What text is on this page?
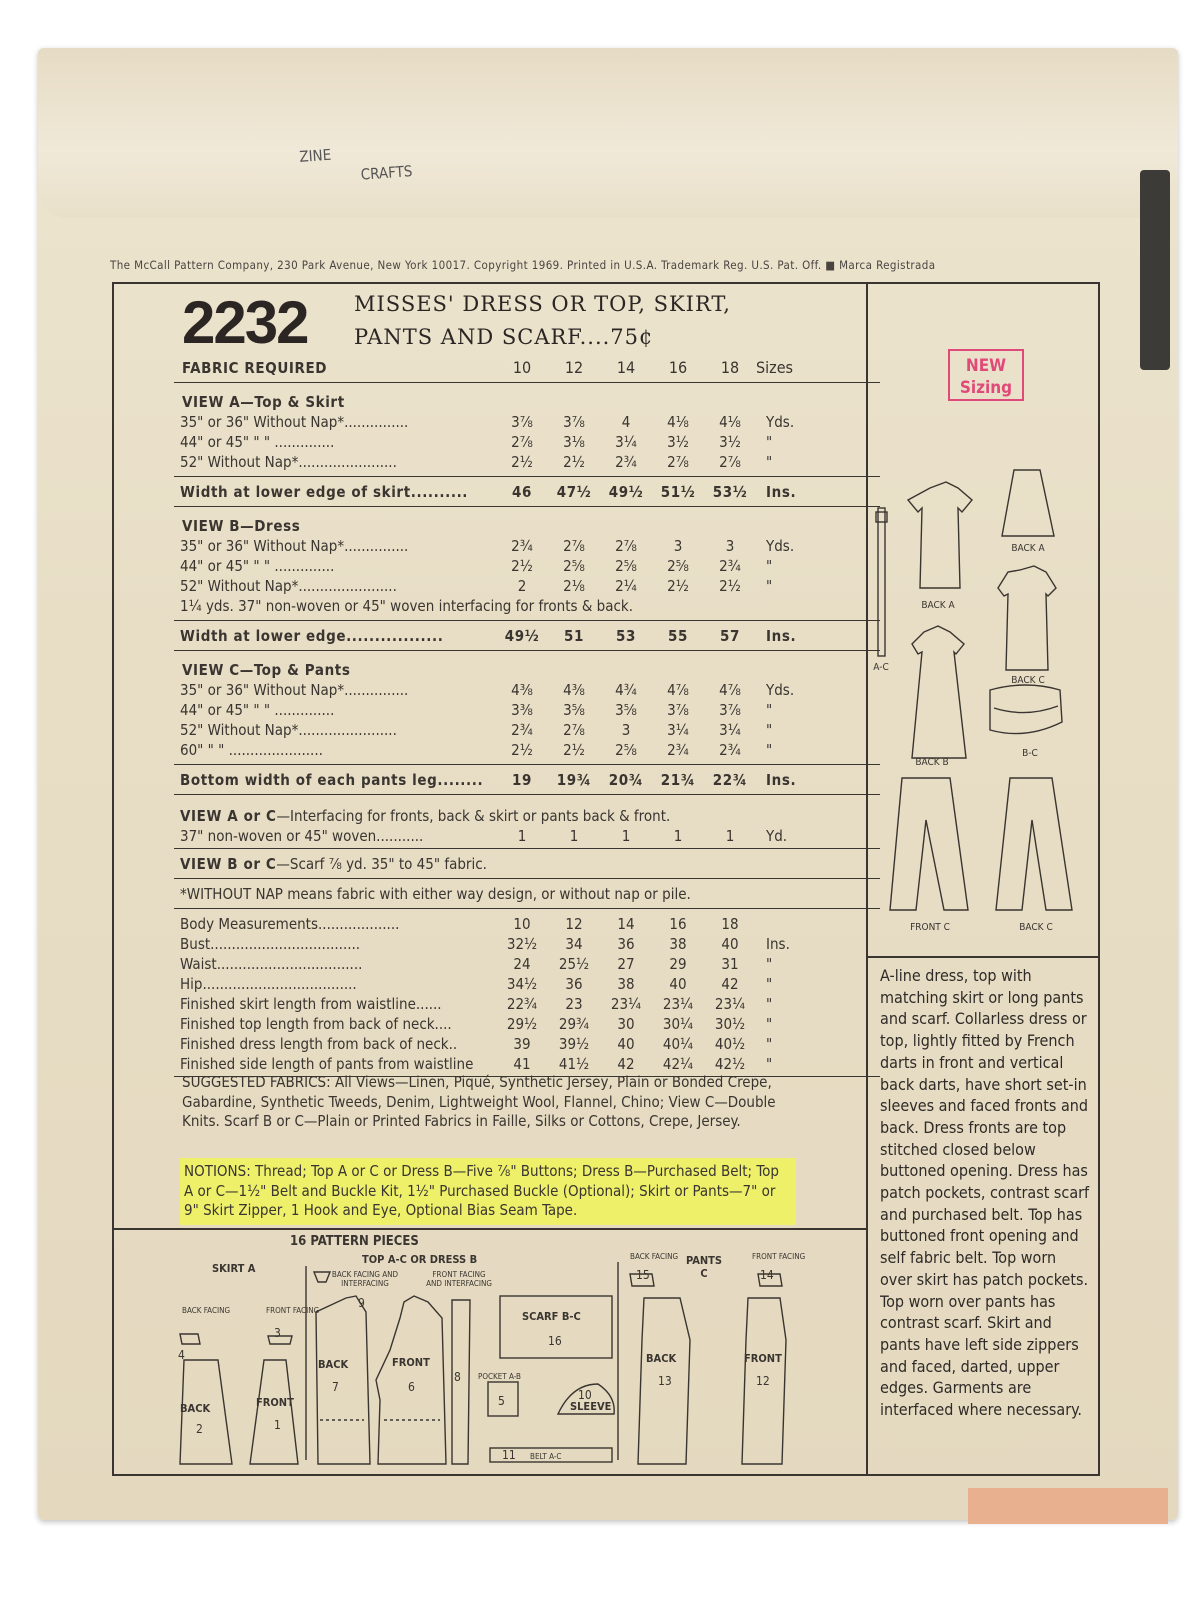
ZINE
CRAFTS
The McCall Pattern Company, 230 Park Avenue, New York 10017. Copyright 1969. Printed in U.S.A. Trademark Reg. U.S. Pat. Off. ■ Marca Registrada
2232 MISSES' DRESS OR TOP, SKIRT,
PANTS AND SCARF....75¢
FABRIC REQUIRED	10	12	14	16	18	Sizes
VIEW A—Top & Skirt
35" or 36" Without Nap*...............	3⅞	3⅞	4	4⅛	4⅛	Yds.
44" or 45" " " ..............	2⅞	3⅛	3¼	3½	3½	"
52" Without Nap*.......................	2½	2½	2¾	2⅞	2⅞	"
Width at lower edge of skirt..........	46	47½ 49½ 51½ 53½ Ins.
VIEW B—Dress
35" or 36" Without Nap*...............	2¾	2⅞	2⅞	3	3	Yds.
44" or 45" " " ..............	2½	2⅝	2⅝	2⅝	2¾	"
52" Without Nap*.......................	2	2⅛	2¼	2½	2½	"
1¼ yds. 37" non-woven or 45" woven interfacing for fronts & back.
Width at lower edge.................	49½	51	53	55	57	Ins.
VIEW C—Top & Pants
35" or 36" Without Nap*...............	4⅜	4⅜	4¾	4⅞	4⅞	Yds.
44" or 45" " " ..............	3⅜	3⅝	3⅝	3⅞	3⅞	"
52" Without Nap*.......................	2¾	2⅞	3	3¼	3¼	"
60" " " ......................	2½	2½	2⅝	2¾	2¾	"
Bottom width of each pants leg........	19	19¾ 20¾ 21¾ 22¾ Ins.
VIEW A or C—Interfacing for fronts, back & skirt or pants back & front.
37" non-woven or 45" woven...........	1	1	1	1	1	Yd.
VIEW B or C—Scarf ⅞ yd. 35" to 45" fabric.
*WITHOUT NAP means fabric with either way design, or without nap or pile.
Body Measurements...................	10	12	14	16	18
Bust...................................	32½	34	36	38	40	Ins.
Waist..................................	24	25½	27	29	31	"
Hip....................................	34½	36	38	40	42	"
Finished skirt length from waistline......	22¾	23	23¼	23¼	23¼	"
Finished top length from back of neck....	29½	29¾	30	30¼	30½	"
Finished dress length from back of neck..	39	39½	40	40¼	40½	"
Finished side length of pants from waistline	41	41½	42	42¼	42½	"
SUGGESTED FABRICS: All Views—Linen, Piqué, Synthetic Jersey, Plain or Bonded Crepe, Gabardine, Synthetic Tweeds, Denim, Lightweight Wool, Flannel, Chino; View C—Double Knits. Scarf B or C—Plain or Printed Fabrics in Faille, Silks or Cottons, Crepe, Jersey.
NOTIONS: Thread; Top A or C or Dress B—Five ⅞" Buttons; Dress B—Purchased Belt; Top A or C—1½" Belt and Buckle Kit, 1½" Purchased Buckle (Optional); Skirt or Pants—7" or 9" Skirt Zipper, 1 Hook and Eye, Optional Bias Seam Tape.
NEW
Sizing
A-line dress, top with matching skirt or long pants and scarf. Collarless dress or top, lightly fitted by French darts in front and vertical back darts, have short set-in sleeves and faced fronts and back. Dress fronts are top stitched closed below buttoned opening. Dress has patch pockets, contrast scarf and purchased belt. Top has buttoned front opening and self fabric belt. Top worn over skirt has patch pockets. Top worn over pants has contrast scarf. Skirt and pants have left side zippers and faced, darted, upper edges. Garments are interfaced where necessary.
BACK A
BACK A
A-C
BACK C
BACK B
B-C
FRONT C	BACK C
16 PATTERN PIECES
SKIRT A
TOP A-C OR DRESS B	PANTS
C
BACK FACING
4
FRONT FACING
3
BACK
2
FRONT
1
BACK FACING AND INTERFACING
9
FRONT FACING AND INTERFACING
BACK
7
FRONT
6
8
SCARF B-C
16
POCKET A-B
5	SLEEVE
10
BELT A-C
11
BACK FACING
15
FRONT FACING
14
BACK
13
FRONT
12
